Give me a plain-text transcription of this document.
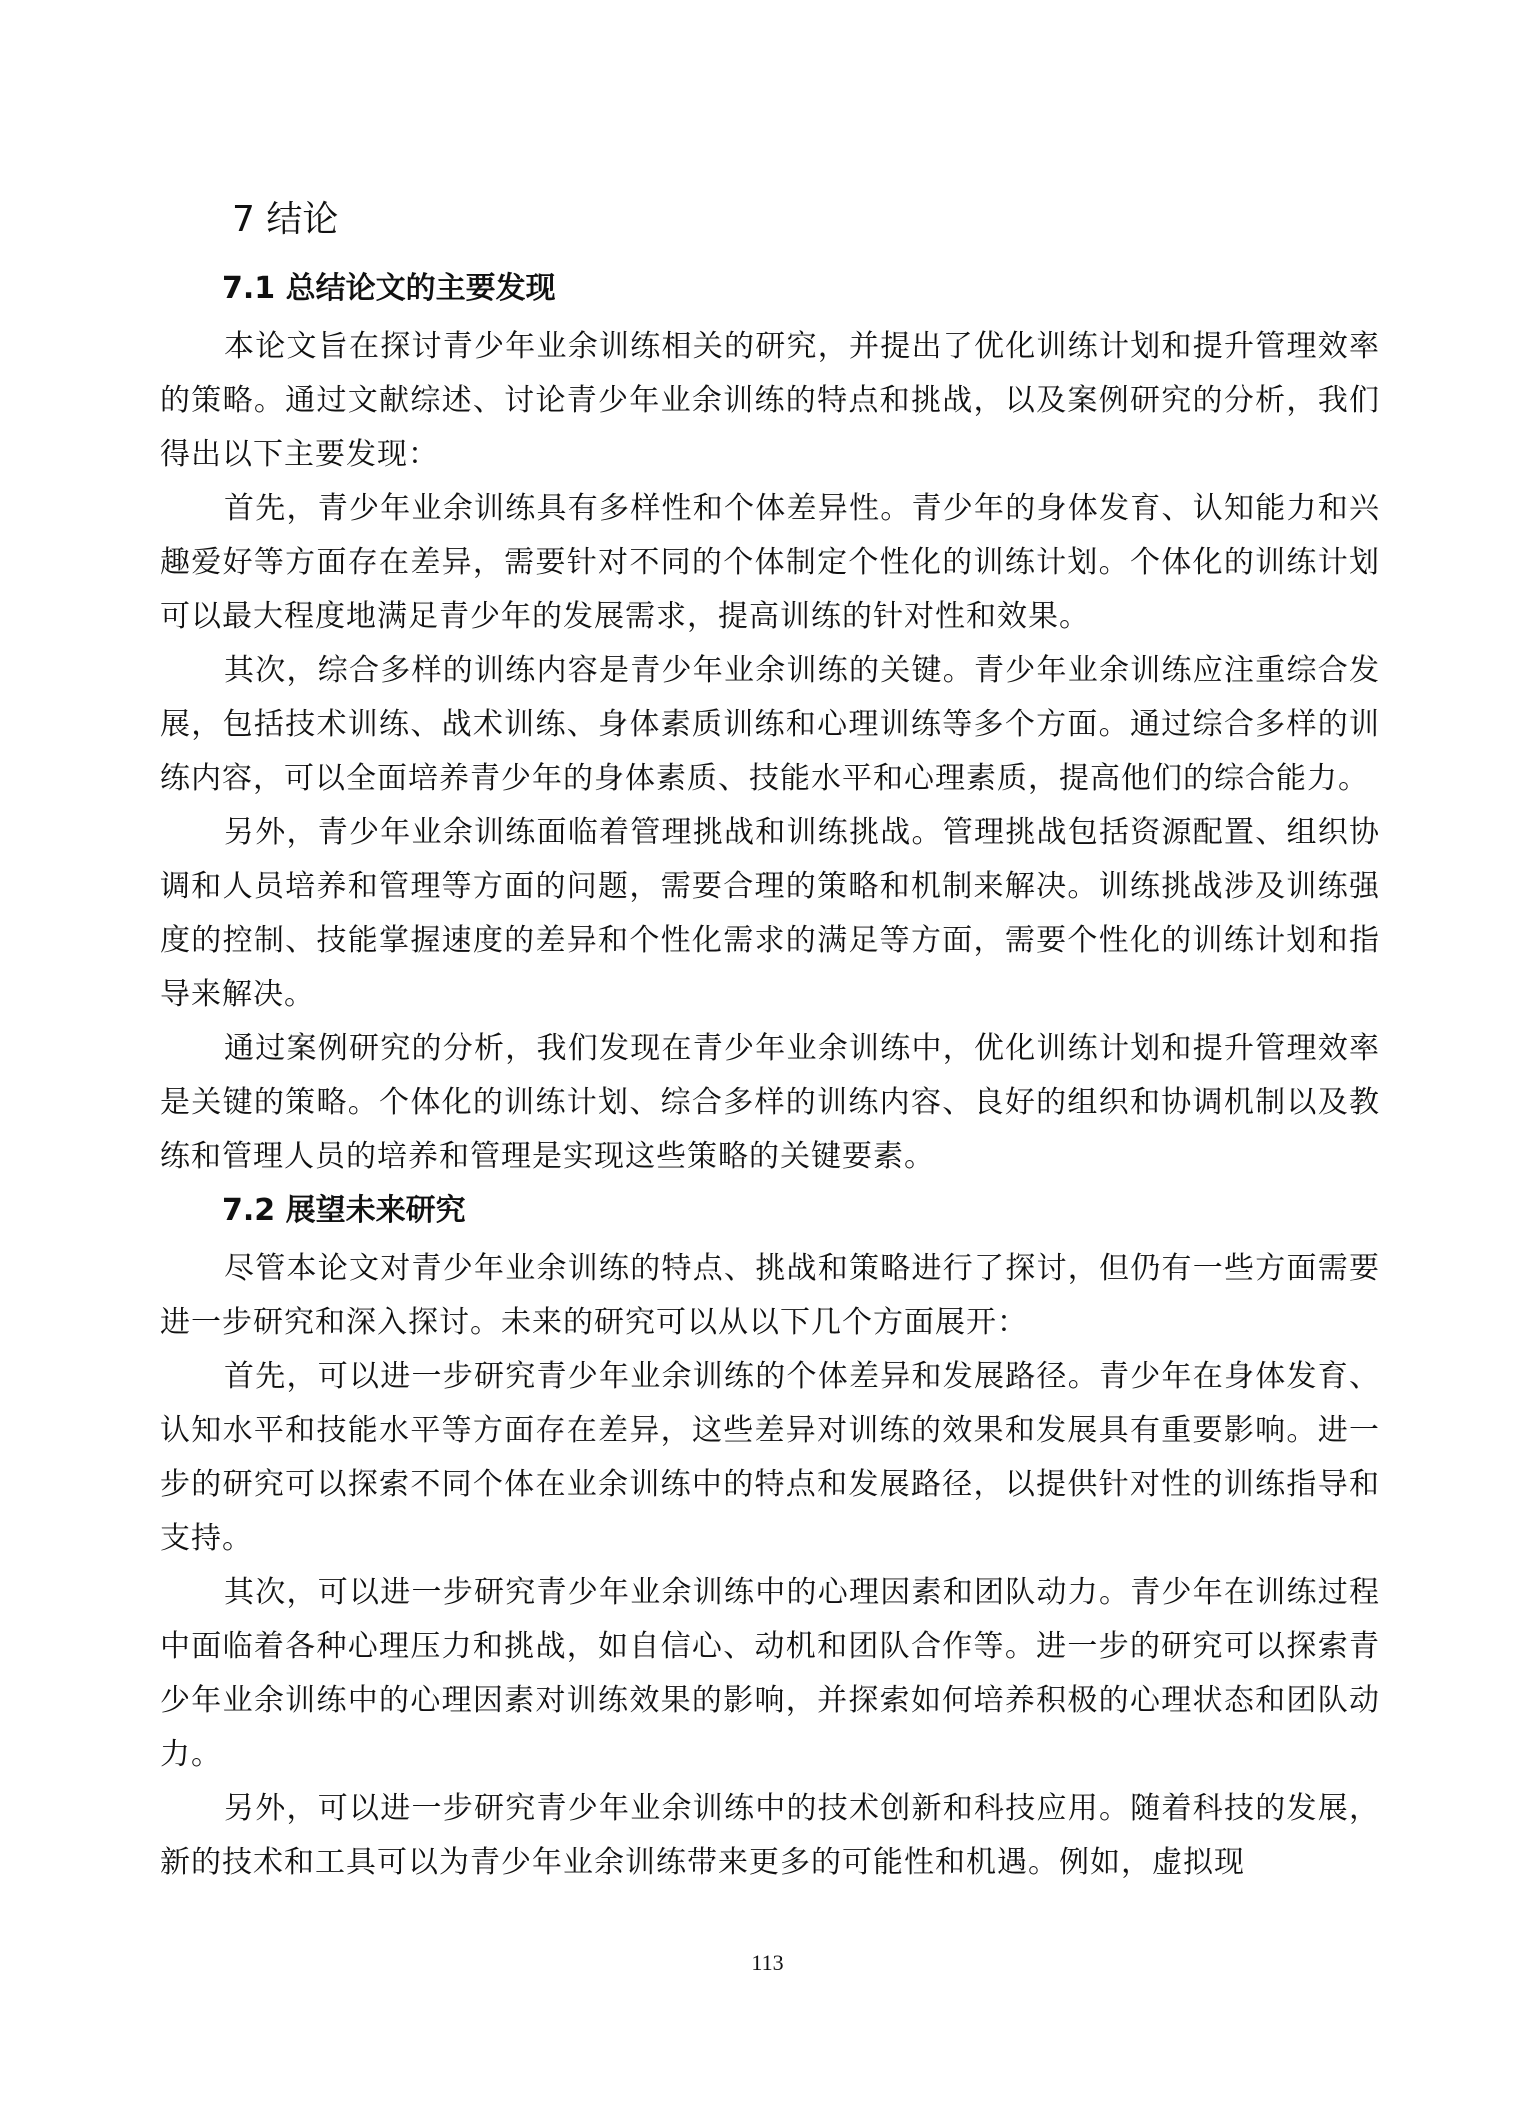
7 结论
7.1 总结论文的主要发现

本论文旨在探讨青少年业余训练相关的研究，并提出了优化训练计划和提升管理效率的策略。通过文献综述、讨论青少年业余训练的特点和挑战，以及案例研究的分析，我们得出以下主要发现：

首先，青少年业余训练具有多样性和个体差异性。青少年的身体发育、认知能力和兴趣爱好等方面存在差异，需要针对不同的个体制定个性化的训练计划。个体化的训练计划可以最大程度地满足青少年的发展需求，提高训练的针对性和效果。

其次，综合多样的训练内容是青少年业余训练的关键。青少年业余训练应注重综合发展，包括技术训练、战术训练、身体素质训练和心理训练等多个方面。通过综合多样的训练内容，可以全面培养青少年的身体素质、技能水平和心理素质，提高他们的综合能力。

另外，青少年业余训练面临着管理挑战和训练挑战。管理挑战包括资源配置、组织协调和人员培养和管理等方面的问题，需要合理的策略和机制来解决。训练挑战涉及训练强度的控制、技能掌握速度的差异和个性化需求的满足等方面，需要个性化的训练计划和指导来解决。

通过案例研究的分析，我们发现在青少年业余训练中，优化训练计划和提升管理效率是关键的策略。个体化的训练计划、综合多样的训练内容、良好的组织和协调机制以及教练和管理人员的培养和管理是实现这些策略的关键要素。

7.2 展望未来研究

尽管本论文对青少年业余训练的特点、挑战和策略进行了探讨，但仍有一些方面需要进一步研究和深入探讨。未来的研究可以从以下几个方面展开：

首先，可以进一步研究青少年业余训练的个体差异和发展路径。青少年在身体发育、认知水平和技能水平等方面存在差异，这些差异对训练的效果和发展具有重要影响。进一步的研究可以探索不同个体在业余训练中的特点和发展路径，以提供针对性的训练指导和支持。

其次，可以进一步研究青少年业余训练中的心理因素和团队动力。青少年在训练过程中面临着各种心理压力和挑战，如自信心、动机和团队合作等。进一步的研究可以探索青少年业余训练中的心理因素对训练效果的影响，并探索如何培养积极的心理状态和团队动力。

另外，可以进一步研究青少年业余训练中的技术创新和科技应用。随着科技的发展，新的技术和工具可以为青少年业余训练带来更多的可能性和机遇。例如，虚拟现

113
